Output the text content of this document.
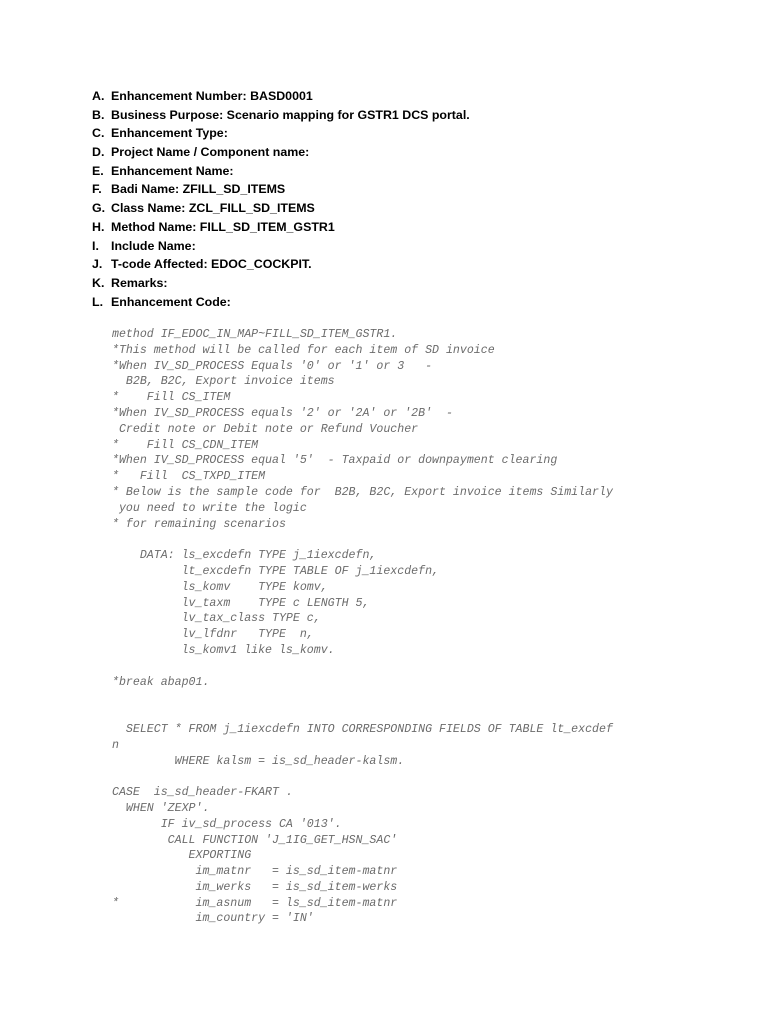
A. Enhancement Number: BASD0001
B. Business Purpose: Scenario mapping for GSTR1 DCS portal.
C. Enhancement Type:
D. Project Name / Component name:
E. Enhancement Name:
F. Badi Name: ZFILL_SD_ITEMS
G. Class Name: ZCL_FILL_SD_ITEMS
H. Method Name: FILL_SD_ITEM_GSTR1
I. Include Name:
J. T-code Affected: EDOC_COCKPIT.
K. Remarks:
L. Enhancement Code:
method IF_EDOC_IN_MAP~FILL_SD_ITEM_GSTR1.
*This method will be called for each item of SD invoice
*When IV_SD_PROCESS Equals '0' or '1' or 3   -
B2B, B2C, Export invoice items
*    Fill CS_ITEM
*When IV_SD_PROCESS equals '2' or '2A' or '2B'  -
Credit note or Debit note or Refund Voucher
*    Fill CS_CDN_ITEM
*When IV_SD_PROCESS equal '5'  - Taxpaid or downpayment clearing
*   Fill  CS_TXPD_ITEM
* Below is the sample code for  B2B, B2C, Export invoice items Similarly
you need to write the logic
* for remaining scenarios
DATA: ls_excdefn TYPE j_1iexcdefn,
lt_excdefn TYPE TABLE OF j_1iexcdefn,
ls_komv    TYPE komv,
lv_taxm    TYPE c LENGTH 5,
lv_tax_class TYPE c,
lv_lfdnr   TYPE  n,
ls_komv1 like ls_komv.
*break abap01.
SELECT * FROM j_1iexcdefn INTO CORRESPONDING FIELDS OF TABLE lt_excdef
n
WHERE kalsm = is_sd_header-kalsm.
CASE  is_sd_header-FKART .
WHEN 'ZEXP'.
IF iv_sd_process CA '013'.
CALL FUNCTION 'J_1IG_GET_HSN_SAC'
EXPORTING
im_matnr   = is_sd_item-matnr
im_werks   = is_sd_item-werks
*           im_asnum   = ls_sd_item-matnr
im_country = 'IN'
